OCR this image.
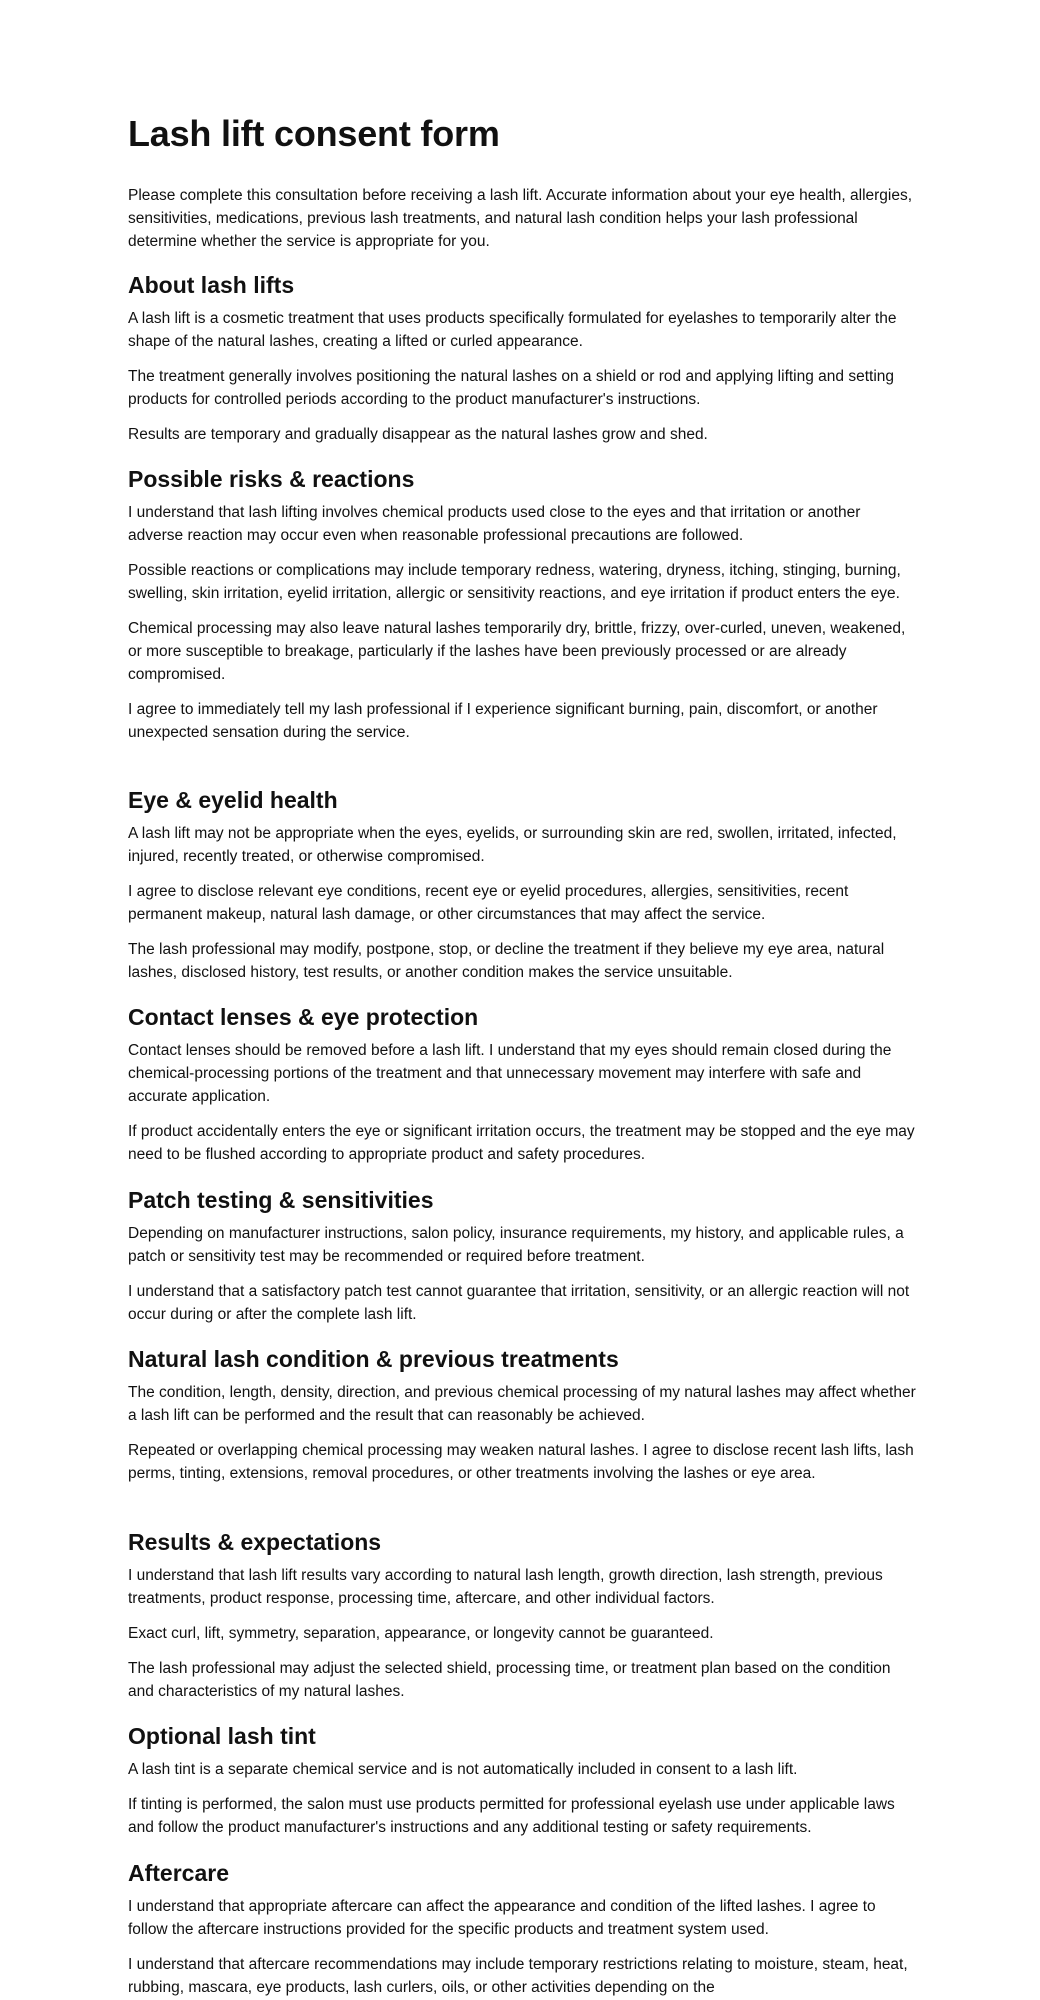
Lash lift consent form

Please complete this consultation before receiving a lash lift. Accurate information about your eye health, allergies, sensitivities, medications, previous lash treatments, and natural lash condition helps your lash professional determine whether the service is appropriate for you.

About lash lifts

A lash lift is a cosmetic treatment that uses products specifically formulated for eyelashes to temporarily alter the shape of the natural lashes, creating a lifted or curled appearance.

The treatment generally involves positioning the natural lashes on a shield or rod and applying lifting and setting products for controlled periods according to the product manufacturer's instructions.

Results are temporary and gradually disappear as the natural lashes grow and shed.

Possible risks & reactions

I understand that lash lifting involves chemical products used close to the eyes and that irritation or another adverse reaction may occur even when reasonable professional precautions are followed.

Possible reactions or complications may include temporary redness, watering, dryness, itching, stinging, burning, swelling, skin irritation, eyelid irritation, allergic or sensitivity reactions, and eye irritation if product enters the eye.

Chemical processing may also leave natural lashes temporarily dry, brittle, frizzy, over-curled, uneven, weakened, or more susceptible to breakage, particularly if the lashes have been previously processed or are already compromised.

I agree to immediately tell my lash professional if I experience significant burning, pain, discomfort, or another unexpected sensation during the service.

Eye & eyelid health

A lash lift may not be appropriate when the eyes, eyelids, or surrounding skin are red, swollen, irritated, infected, injured, recently treated, or otherwise compromised.

I agree to disclose relevant eye conditions, recent eye or eyelid procedures, allergies, sensitivities, recent permanent makeup, natural lash damage, or other circumstances that may affect the service.

The lash professional may modify, postpone, stop, or decline the treatment if they believe my eye area, natural lashes, disclosed history, test results, or another condition makes the service unsuitable.

Contact lenses & eye protection

Contact lenses should be removed before a lash lift. I understand that my eyes should remain closed during the chemical-processing portions of the treatment and that unnecessary movement may interfere with safe and accurate application.

If product accidentally enters the eye or significant irritation occurs, the treatment may be stopped and the eye may need to be flushed according to appropriate product and safety procedures.

Patch testing & sensitivities

Depending on manufacturer instructions, salon policy, insurance requirements, my history, and applicable rules, a patch or sensitivity test may be recommended or required before treatment.

I understand that a satisfactory patch test cannot guarantee that irritation, sensitivity, or an allergic reaction will not occur during or after the complete lash lift.

Natural lash condition & previous treatments

The condition, length, density, direction, and previous chemical processing of my natural lashes may affect whether a lash lift can be performed and the result that can reasonably be achieved.

Repeated or overlapping chemical processing may weaken natural lashes. I agree to disclose recent lash lifts, lash perms, tinting, extensions, removal procedures, or other treatments involving the lashes or eye area.

Results & expectations

I understand that lash lift results vary according to natural lash length, growth direction, lash strength, previous treatments, product response, processing time, aftercare, and other individual factors.

Exact curl, lift, symmetry, separation, appearance, or longevity cannot be guaranteed.

The lash professional may adjust the selected shield, processing time, or treatment plan based on the condition and characteristics of my natural lashes.

Optional lash tint

A lash tint is a separate chemical service and is not automatically included in consent to a lash lift.

If tinting is performed, the salon must use products permitted for professional eyelash use under applicable laws and follow the product manufacturer's instructions and any additional testing or safety requirements.

Aftercare

I understand that appropriate aftercare can affect the appearance and condition of the lifted lashes. I agree to follow the aftercare instructions provided for the specific products and treatment system used.

I understand that aftercare recommendations may include temporary restrictions relating to moisture, steam, heat, rubbing, mascara, eye products, lash curlers, oils, or other activities depending on the
